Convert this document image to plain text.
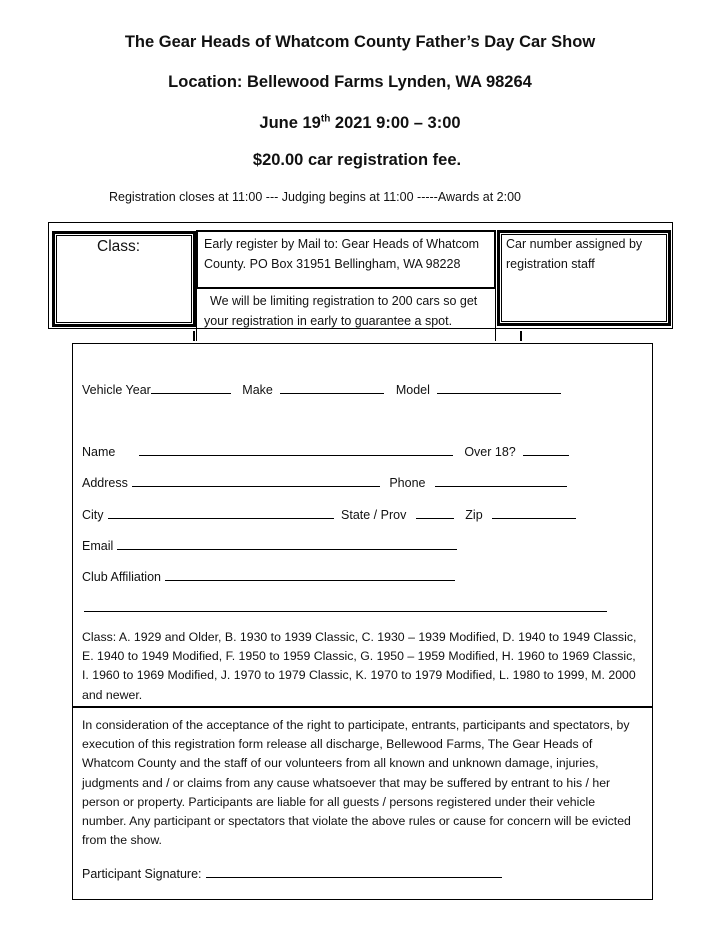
The Gear Heads of Whatcom County Father’s Day Car Show
Location: Bellewood Farms Lynden, WA 98264
June 19th 2021 9:00 – 3:00
$20.00 car registration fee.
Registration closes at 11:00 --- Judging begins at 11:00 -----Awards at 2:00
Class:	Early register by Mail to: Gear Heads of Whatcom County. PO Box 31951 Bellingham, WA 98228
We will be limiting registration to 200 cars so get your registration in early to guarantee a spot.
Car number assigned by registration staff
Vehicle Year	Make	Model
Name	Over 18?
Address	Phone
City	State / Prov	Zip
Email
Club Affiliation
Class: A. 1929 and Older, B. 1930 to 1939 Classic, C. 1930 – 1939 Modified, D. 1940 to 1949 Classic, E. 1940 to 1949 Modified, F. 1950 to 1959 Classic, G. 1950 – 1959 Modified, H. 1960 to 1969 Classic, I. 1960 to 1969 Modified, J. 1970 to 1979 Classic, K. 1970 to 1979 Modified, L. 1980 to 1999, M. 2000 and newer.
In consideration of the acceptance of the right to participate, entrants, participants and spectators, by execution of this registration form release all discharge, Bellewood Farms, The Gear Heads of Whatcom County and the staff of our volunteers from all known and unknown damage, injuries, judgments and / or claims from any cause whatsoever that may be suffered by entrant to his / her person or property. Participants are liable for all guests / persons registered under their vehicle number. Any participant or spectators that violate the above rules or cause for concern will be evicted from the show.
Participant Signature:
